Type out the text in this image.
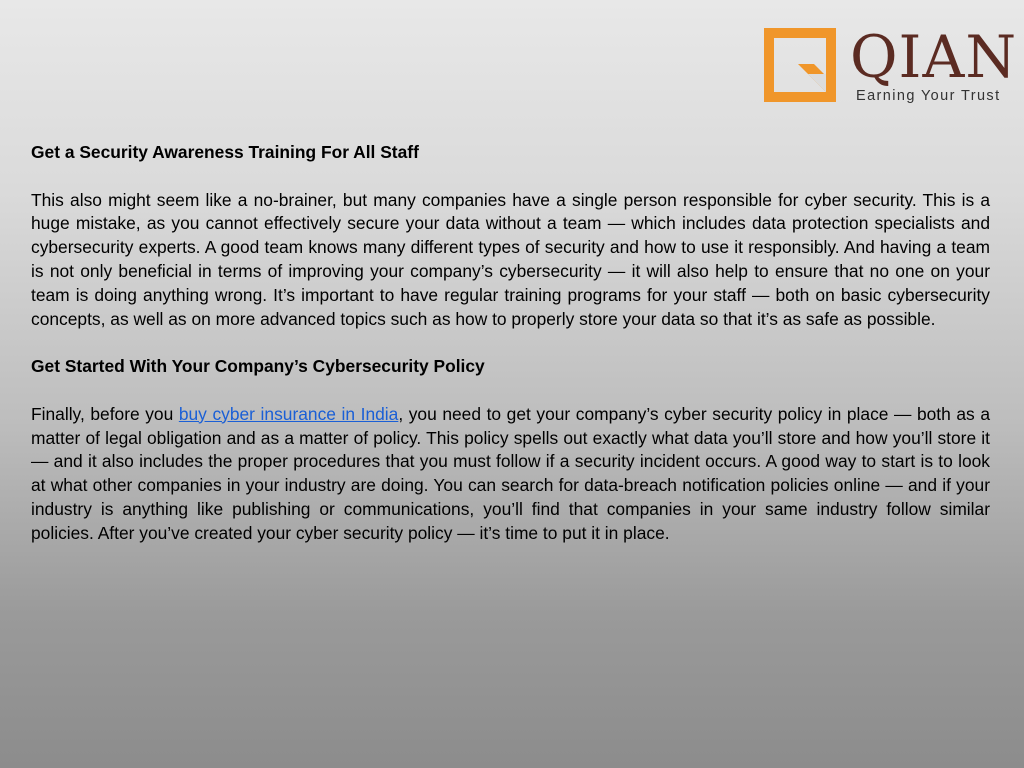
QIAN
Earning Your Trust

Get a Security Awareness Training For All Staff

This also might seem like a no-brainer, but many companies have a single person responsible for cyber security. This is a huge mistake, as you cannot effectively secure your data without a team — which includes data protection specialists and cybersecurity experts. A good team knows many different types of security and how to use it responsibly. And having a team is not only beneficial in terms of improving your company’s cybersecurity — it will also help to ensure that no one on your team is doing anything wrong. It’s important to have regular training programs for your staff — both on basic cybersecurity concepts, as well as on more advanced topics such as how to properly store your data so that it’s as safe as possible.

Get Started With Your Company’s Cybersecurity Policy

Finally, before you buy cyber insurance in India, you need to get your company’s cyber security policy in place — both as a matter of legal obligation and as a matter of policy. This policy spells out exactly what data you’ll store and how you’ll store it — and it also includes the proper procedures that you must follow if a security incident occurs. A good way to start is to look at what other companies in your industry are doing. You can search for data-breach notification policies online — and if your industry is anything like publishing or communications, you’ll find that companies in your same industry follow similar policies. After you’ve created your cyber security policy — it’s time to put it in place.
